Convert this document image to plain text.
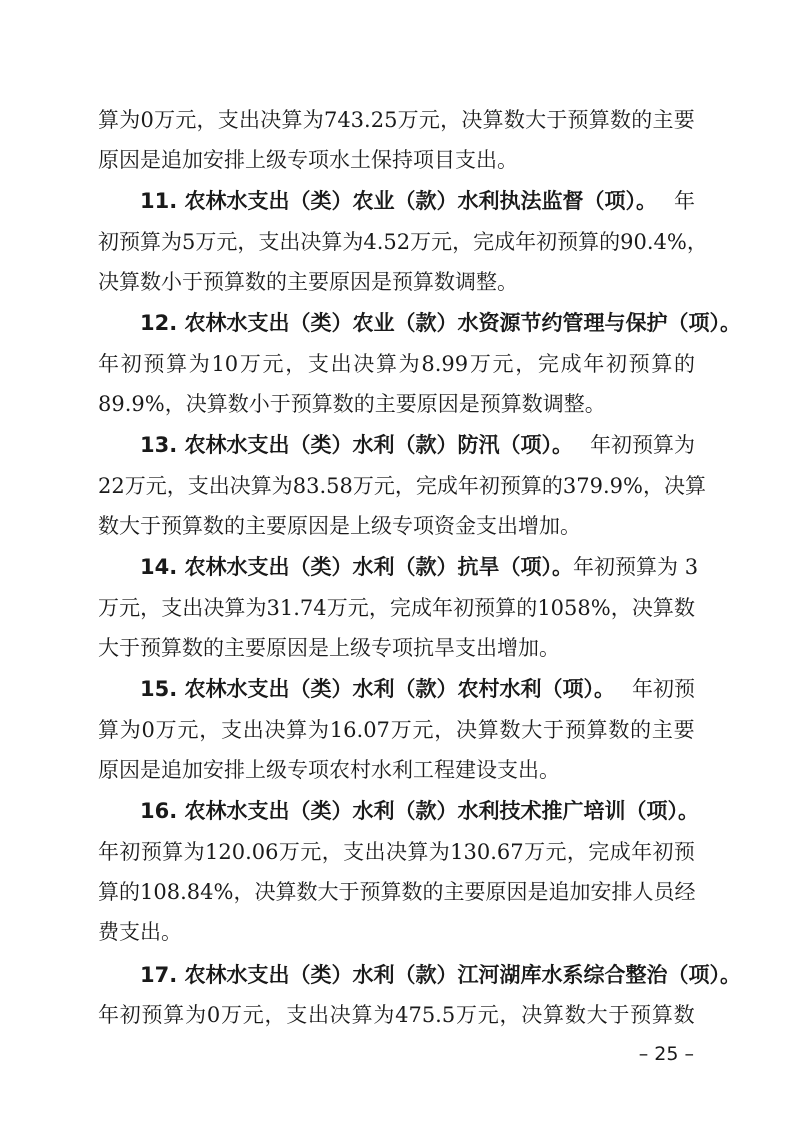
算 为 0 万 元 ， 支 出 决 算 为 743.25 万 元 ， 决 算 数 大 于 预 算 数 的 主 要
原因是追加安排上级专项水土保持项目支出。
11. 农林水支出（类）农业（款）水利执法监督（项）。 年
初 预 算 为 5 万 元 ， 支 出 决 算 为 4.52 万 元 ， 完 成 年 初 预 算 的 90.4% ，
决算数小于预算数的主要原因是预算数调整。
12. 农林水支出（类）农业（款）水资源节约管理与保护（项）。
年 初 预 算 为 10 万 元 ， 支 出 决 算 为 8.99 万 元 ， 完 成 年 初 预 算 的
89.9%，决算数小于预算数的主要原因是预算数调整。
13. 农林水支出（类）水利（款）防汛（项）。 年初预算为
22 万 元 ， 支 出 决 算 为 83.58 万 元 ， 完 成 年 初 预 算 的 379.9% ， 决 算
数大于预算数的主要原因是上级专项资金支出增加。
14. 农林水支出（类）水利（款）抗旱（项）。 年初预算为 3
万 元 ， 支 出 决 算 为 31.74 万 元 ， 完 成 年 初 预 算 的 1058% ， 决 算 数
大于预算数的主要原因是上级专项抗旱支出增加。
15. 农林水支出（类）水利（款）农村水利（项）。 年初预
算 为 0 万 元 ， 支 出 决 算 为 16.07 万 元 ， 决 算 数 大 于 预 算 数 的 主 要
原因是追加安排上级专项农村水利工程建设支出。
16. 农林水支出（类）水利（款）水利技术推广培训（项）。
年 初 预 算 为 120.06 万 元 ， 支 出 决 算 为 130.67 万 元 ， 完 成 年 初 预
算 的 108.84% ， 决 算 数 大 于 预 算 数 的 主 要 原 因 是 追 加 安 排 人 员 经
费支出。
17. 农林水支出（类）水利（款）江河湖库水系综合整治（项）。
年 初 预 算 为 0 万 元 ， 支 出 决 算 为 475.5 万 元 ， 决 算 数 大 于 预 算 数
– 25 –
